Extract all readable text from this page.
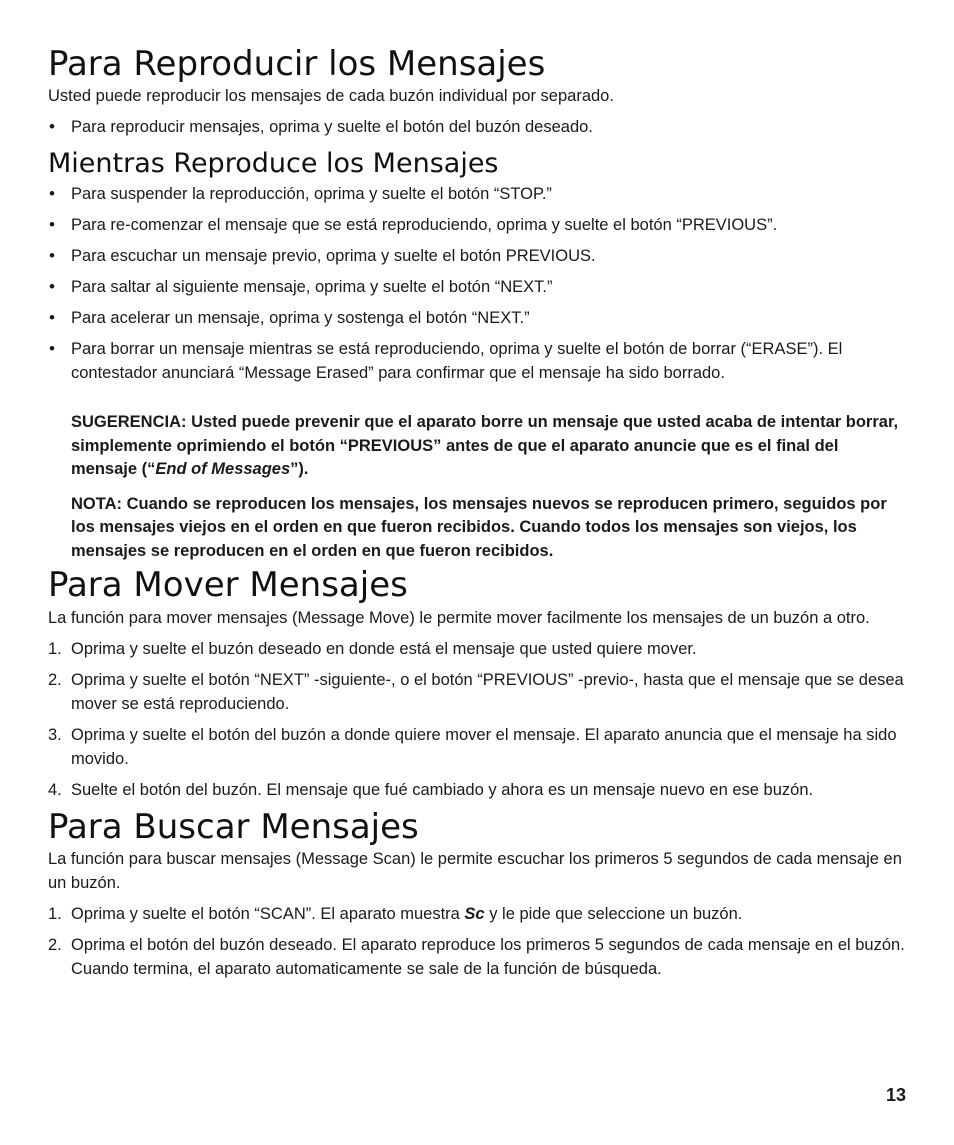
Para Reproducir los Mensajes

Usted puede reproducir los mensajes de cada buzón individual por separado.

• Para reproducir mensajes, oprima y suelte el botón del buzón deseado.
Mientras Reproduce los Mensajes
• Para suspender la reproducción, oprima y suelte el botón “STOP.”
• Para re-comenzar el mensaje que se está reproduciendo, oprima y suelte el botón “PREVIOUS”.
• Para escuchar un mensaje previo, oprima y suelte el botón PREVIOUS.
• Para saltar al siguiente mensaje, oprima y suelte el botón “NEXT.”
• Para acelerar un mensaje, oprima y sostenga el botón “NEXT.”
• Para borrar un mensaje mientras se está reproduciendo, oprima y suelte el botón de borrar (“ERASE”). El contestador anunciará “Message Erased” para confirmar que el mensaje ha sido borrado.
SUGERENCIA: Usted puede prevenir que el aparato borre un mensaje que usted acaba de intentar borrar, simplemente oprimiendo el botón “PREVIOUS” antes de que el aparato anuncie que es el final del mensaje (“End of Messages”).
NOTA: Cuando se reproducen los mensajes, los mensajes nuevos se reproducen primero, seguidos por los mensajes viejos en el orden en que fueron recibidos. Cuando todos los mensajes son viejos, los mensajes se reproducen en el orden en que fueron recibidos.
Para Mover Mensajes

La función para mover mensajes (Message Move) le permite mover facilmente los mensajes de un buzón a otro.

1. Oprima y suelte el buzón deseado en donde está el mensaje que usted quiere mover.
2. Oprima y suelte el botón “NEXT” -siguiente-, o el botón “PREVIOUS” -previo-, hasta que el mensaje que se desea mover se está reproduciendo.
3. Oprima y suelte el botón del buzón a donde quiere mover el mensaje. El aparato anuncia que el mensaje ha sido movido.
4. Suelte el botón del buzón. El mensaje que fué cambiado y ahora es un mensaje nuevo en ese buzón.
Para Buscar Mensajes

La función para buscar mensajes (Message Scan) le permite escuchar los primeros 5 segundos de cada mensaje en un buzón.

1. Oprima y suelte el botón “SCAN”. El aparato muestra Sc y le pide que seleccione un buzón.
2. Oprima el botón del buzón deseado. El aparato reproduce los primeros 5 segundos de cada mensaje en el buzón. Cuando termina, el aparato automaticamente se sale de la función de búsqueda.
13
